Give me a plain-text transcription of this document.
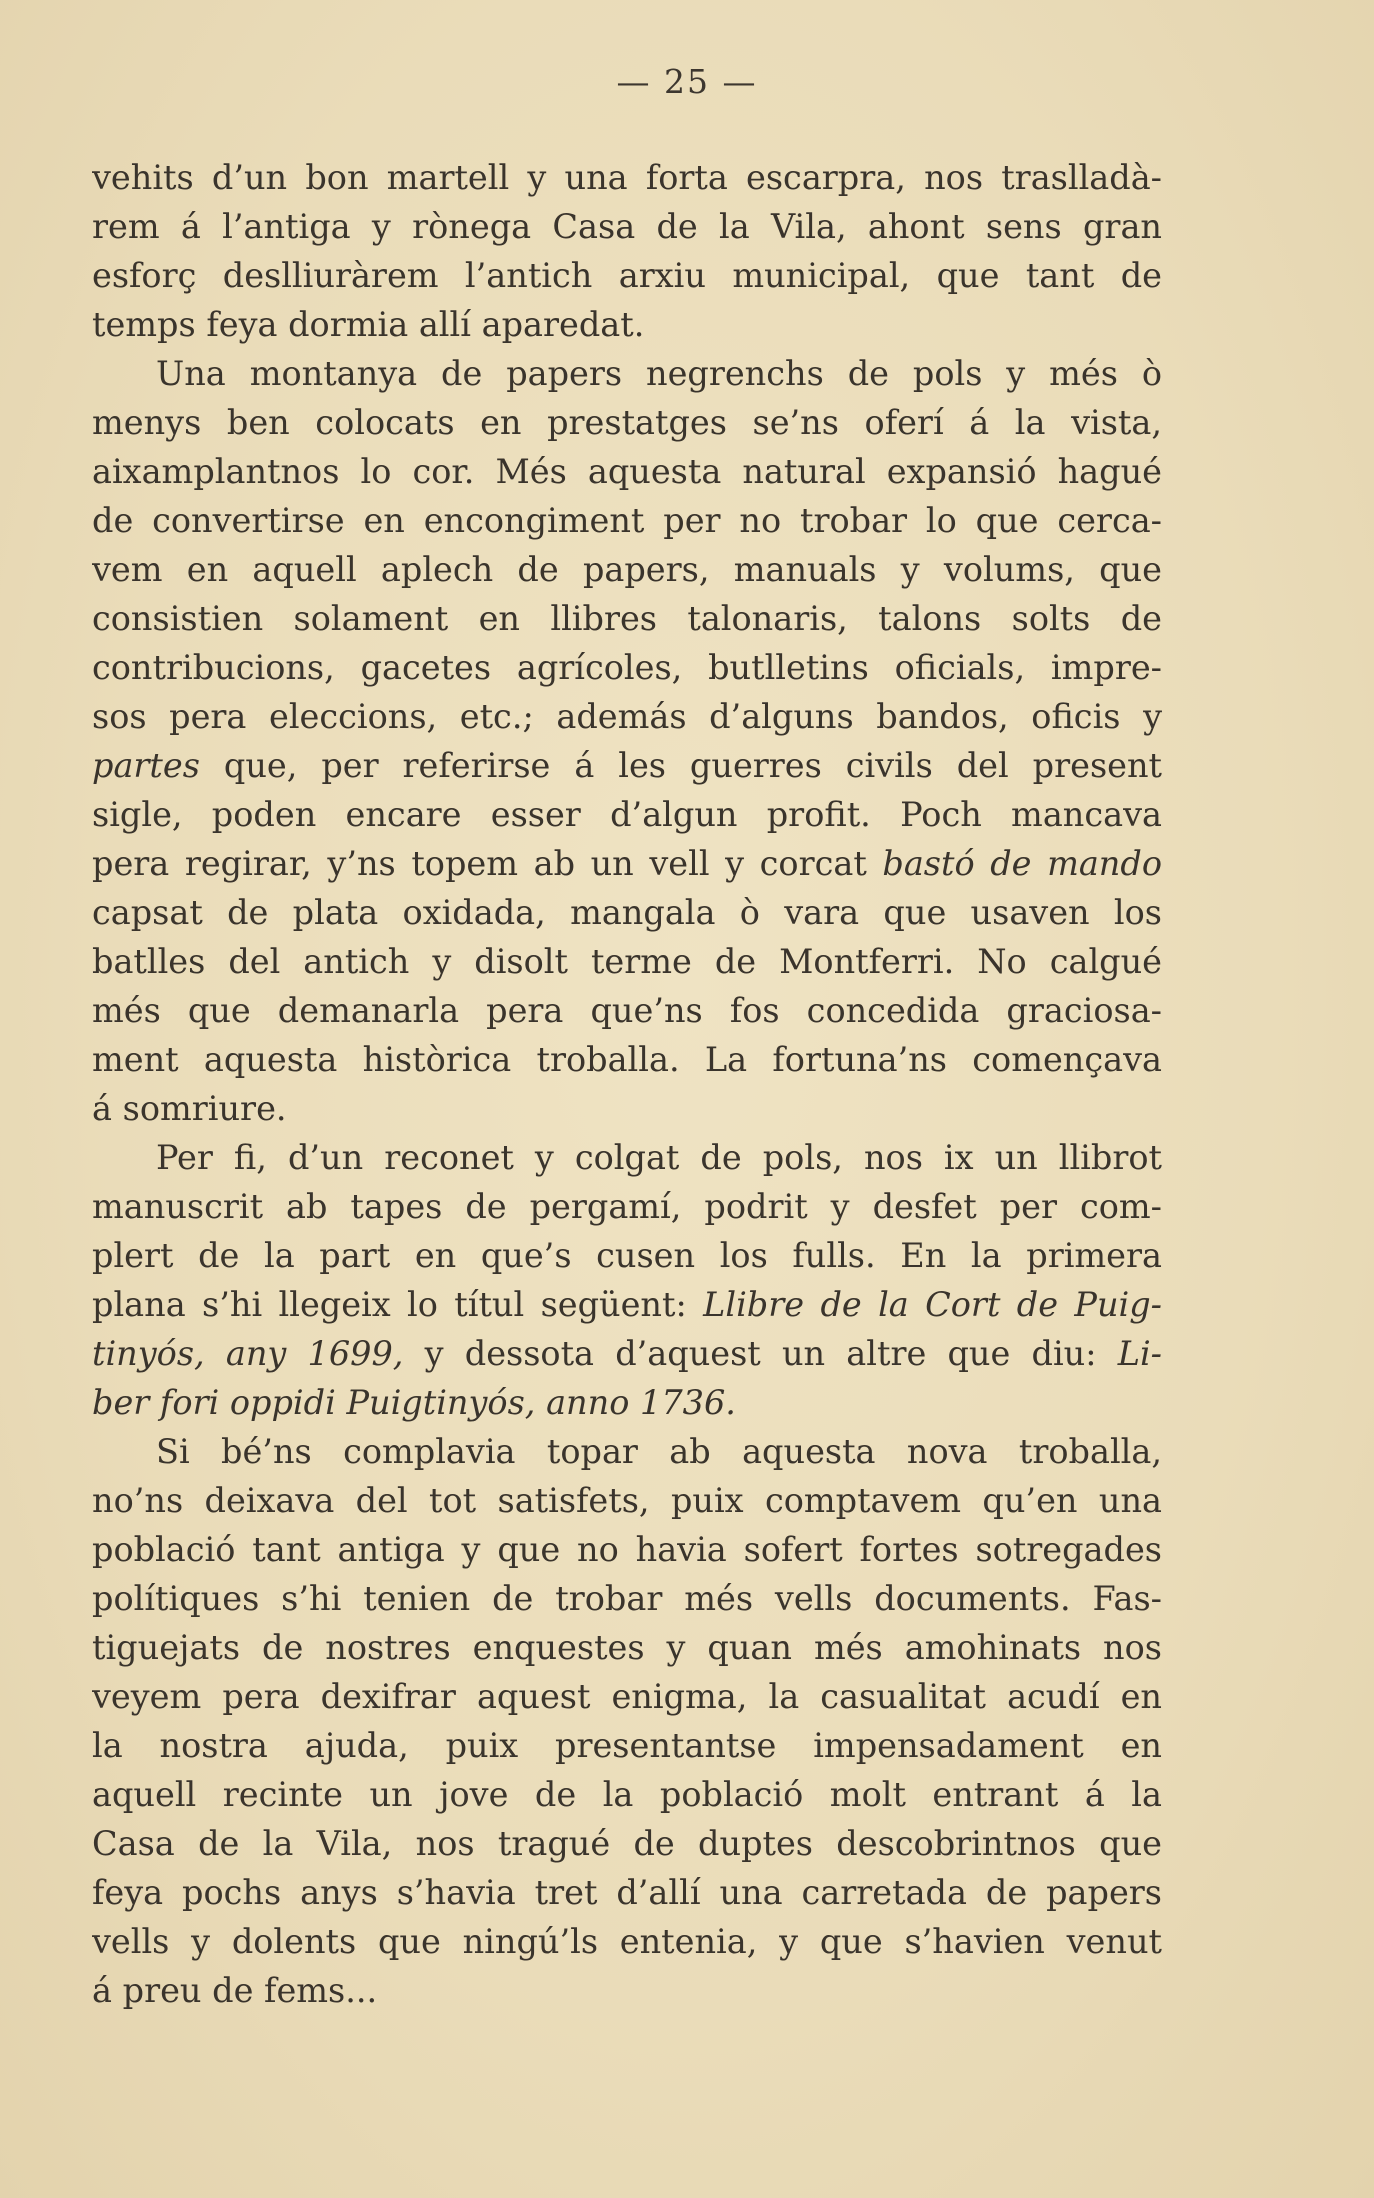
— 25 —
vehits d’un bon martell y una forta escarpra, nos traslladà-
rem á l’antiga y rònega Casa de la Vila, ahont sens gran
esforç deslliuràrem l’antich arxiu municipal, que tant de
temps feya dormia allí aparedat.
Una montanya de papers negrenchs de pols y més ò
menys ben colocats en prestatges se’ns oferí á la vista,
aixamplantnos lo cor. Més aquesta natural expansió hagué
de convertirse en encongiment per no trobar lo que cerca-
vem en aquell aplech de papers, manuals y volums, que
consistien solament en llibres talonaris, talons solts de
contribucions, gacetes agrícoles, butlletins oficials, impre-
sos pera eleccions, etc.; además d’alguns bandos, oficis y
partes que, per referirse á les guerres civils del present
sigle, poden encare esser d’algun profit. Poch mancava
pera regirar, y’ns topem ab un vell y corcat bastó de mando
capsat de plata oxidada, mangala ò vara que usaven los
batlles del antich y disolt terme de Montferri. No calgué
més que demanarla pera que’ns fos concedida graciosa-
ment aquesta històrica troballa. La fortuna’ns començava
á somriure.
Per fi, d’un reconet y colgat de pols, nos ix un llibrot
manuscrit ab tapes de pergamí, podrit y desfet per com-
plert de la part en que’s cusen los fulls. En la primera
plana s’hi llegeix lo títul següent: Llibre de la Cort de Puig-
tinyós, any 1699, y dessota d’aquest un altre que diu: Li-
ber fori oppidi Puigtinyós, anno 1736.
Si bé’ns complavia topar ab aquesta nova troballa,
no’ns deixava del tot satisfets, puix comptavem qu’en una
població tant antiga y que no havia sofert fortes sotregades
polítiques s’hi tenien de trobar més vells documents. Fas-
tiguejats de nostres enquestes y quan més amohinats nos
veyem pera dexifrar aquest enigma, la casualitat acudí en
la nostra ajuda, puix presentantse impensadament en
aquell recinte un jove de la població molt entrant á la
Casa de la Vila, nos tragué de duptes descobrintnos que
feya pochs anys s’havia tret d’allí una carretada de papers
vells y dolents que ningú’ls entenia, y que s’havien venut
á preu de fems...
